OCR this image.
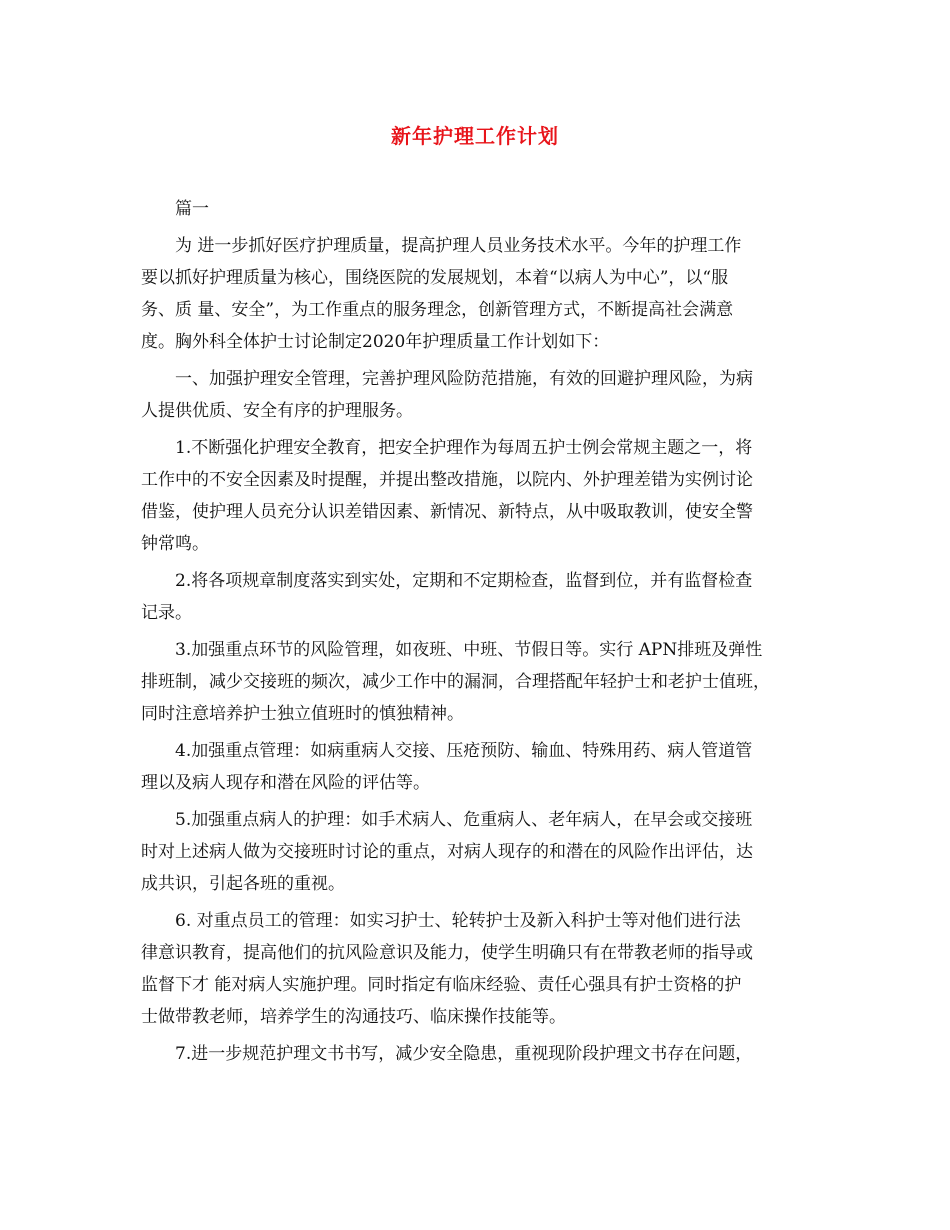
新年护理工作计划
篇一
为 进一步抓好医疗护理质量，提高护理人员业务技术水平。今年的护理工作
要以抓好护理质量为核心，围绕医院的发展规划，本着“以病人为中心”，以“服
务、质 量、安全”，为工作重点的服务理念，创新管理方式，不断提高社会满意
度。胸外科全体护士讨论制定2020年护理质量工作计划如下：
一、加强护理安全管理，完善护理风险防范措施，有效的回避护理风险，为病
人提供优质、安全有序的护理服务。
1.不断强化护理安全教育，把安全护理作为每周五护士例会常规主题之一，将
工作中的不安全因素及时提醒，并提出整改措施，以院内、外护理差错为实例讨论
借鉴，使护理人员充分认识差错因素、新情况、新特点，从中吸取教训，使安全警
钟常鸣。
2.将各项规章制度落实到实处，定期和不定期检查，监督到位，并有监督检查
记录。
3.加强重点环节的风险管理，如夜班、中班、节假日等。实行 APN排班及弹性
排班制，减少交接班的频次，减少工作中的漏洞，合理搭配年轻护士和老护士值班，
同时注意培养护士独立值班时的慎独精神。
4.加强重点管理：如病重病人交接、压疮预防、输血、特殊用药、病人管道管
理以及病人现存和潜在风险的评估等。
5.加强重点病人的护理：如手术病人、危重病人、老年病人，在早会或交接班
时对上述病人做为交接班时讨论的重点，对病人现存的和潜在的风险作出评估，达
成共识，引起各班的重视。
6. 对重点员工的管理：如实习护士、轮转护士及新入科护士等对他们进行法
律意识教育，提高他们的抗风险意识及能力，使学生明确只有在带教老师的指导或
监督下才 能对病人实施护理。同时指定有临床经验、责任心强具有护士资格的护
士做带教老师，培养学生的沟通技巧、临床操作技能等。
7.进一步规范护理文书书写，减少安全隐患，重视现阶段护理文书存在问题，
